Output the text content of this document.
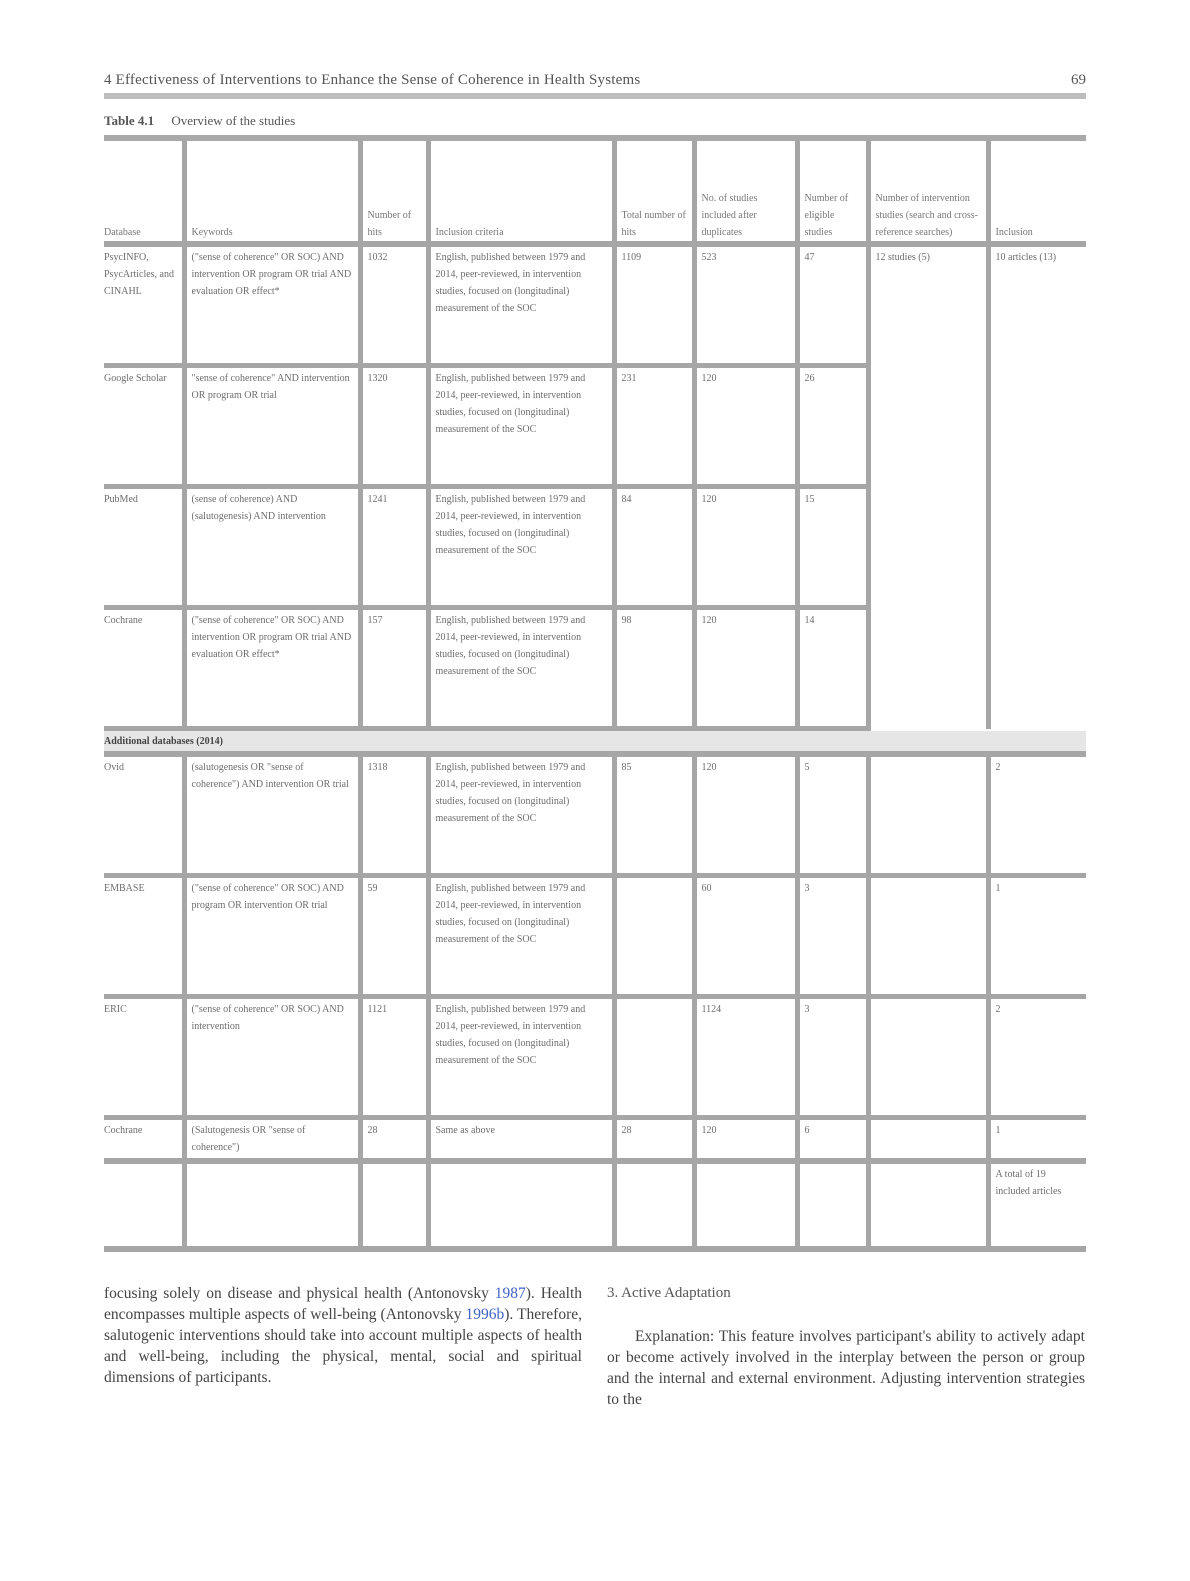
4 Effectiveness of Interventions to Enhance the Sense of Coherence in Health Systems	69
Table 4.1 Overview of the studies
Database	Keywords	Number of hits	Inclusion criteria	Total number of hits	No. of studies included after duplicates	Number of eligible studies	Number of intervention studies (search and cross-reference searches)	Inclusion
PsycINFO, PsycArticles, and CINAHL	("sense of coherence" OR SOC) AND intervention OR program OR trial AND evaluation OR effect*	1032	English, published between 1979 and 2014, peer-reviewed, in intervention studies, focused on (longitudinal) measurement of the SOC	1109	523	47	12 studies (5)	10 articles (13)
Google Scholar	"sense of coherence" AND intervention OR program OR trial	1320	English, published between 1979 and 2014, peer-reviewed, in intervention studies, focused on (longitudinal) measurement of the SOC	231	120	26		
PubMed	(sense of coherence) AND (salutogenesis) AND intervention	1241	English, published between 1979 and 2014, peer-reviewed, in intervention studies, focused on (longitudinal) measurement of the SOC	84	120	15		
Cochrane	("sense of coherence" OR SOC) AND intervention OR program OR trial AND evaluation OR effect*	157	English, published between 1979 and 2014, peer-reviewed, in intervention studies, focused on (longitudinal) measurement of the SOC	98	120	14		
Additional databases (2014)								
Ovid	(salutogenesis OR "sense of coherence") AND intervention OR trial	1318	English, published between 1979 and 2014, peer-reviewed, in intervention studies, focused on (longitudinal) measurement of the SOC	85	120	5		2
EMBASE	("sense of coherence" OR SOC) AND program OR intervention OR trial	59	English, published between 1979 and 2014, peer-reviewed, in intervention studies, focused on (longitudinal) measurement of the SOC		60	3		1
ERIC	("sense of coherence" OR SOC) AND intervention	1121	English, published between 1979 and 2014, peer-reviewed, in intervention studies, focused on (longitudinal) measurement of the SOC		1124	3		2
Cochrane	(Salutogenesis OR "sense of coherence")	28	Same as above	28	120	6		1
								A total of 19 included articles
focusing solely on disease and physical health (Antonovsky 1987). Health encompasses multiple aspects of well-being (Antonovsky 1996b). Therefore, salutogenic interventions should take into account multiple aspects of health and well-being, including the physical, mental, social and spiritual dimensions of participants.
3. Active Adaptation
Explanation: This feature involves participant's ability to actively adapt or become actively involved in the interplay between the person or group and the internal and external environment. Adjusting intervention strategies to the
